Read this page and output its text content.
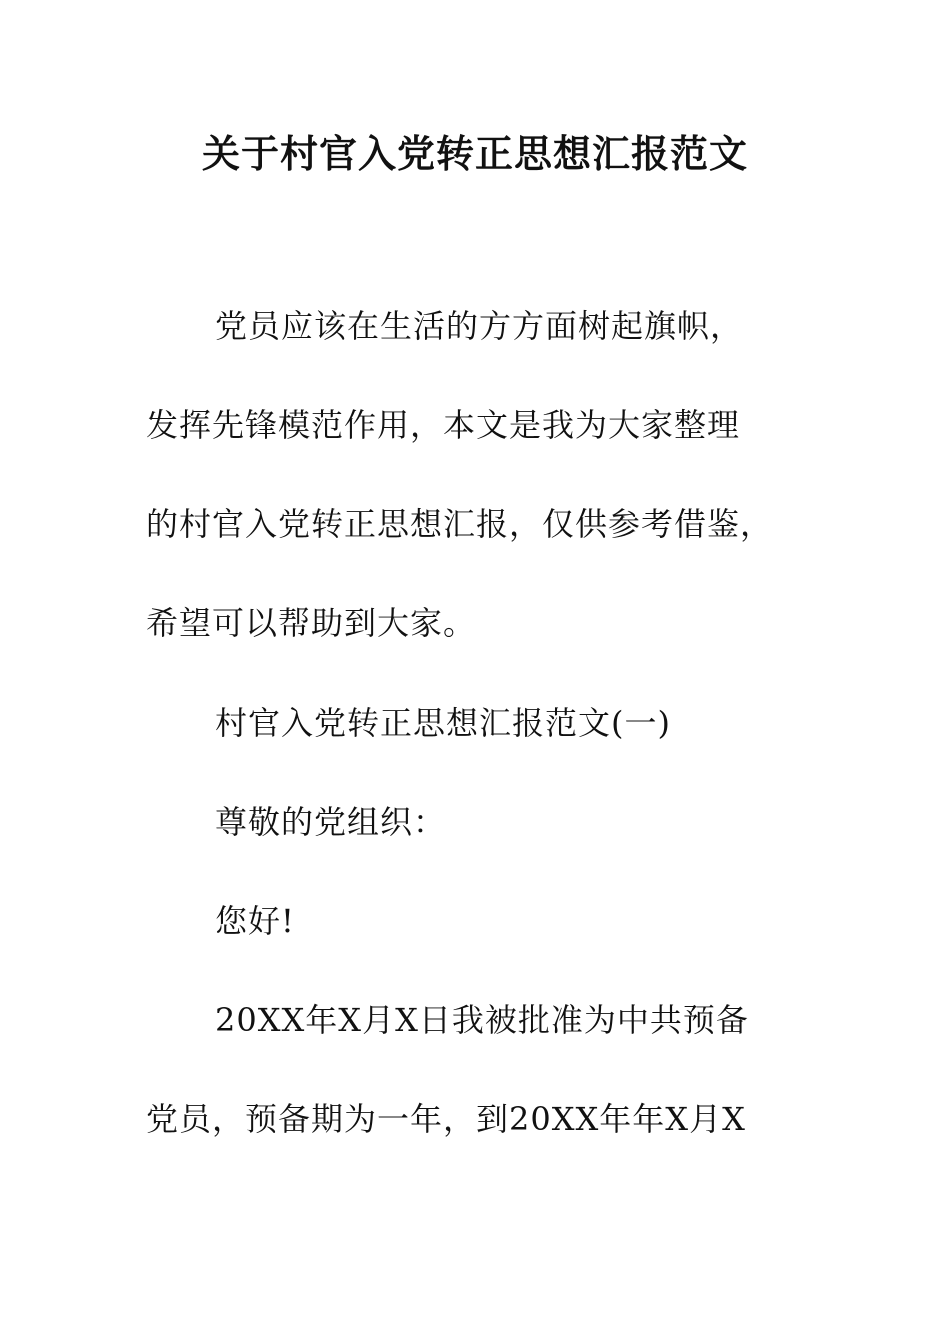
关于村官入党转正思想汇报范文
党员应该在生活的方方面树起旗帜，
发挥先锋模范作用，本文是我为大家整理
的村官入党转正思想汇报，仅供参考借鉴，
希望可以帮助到大家。
村官入党转正思想汇报范文(一)
尊敬的党组织：
您好!
20XX年X月X日我被批准为中共预备
党员，预备期为一年，到20XX年年X月X
